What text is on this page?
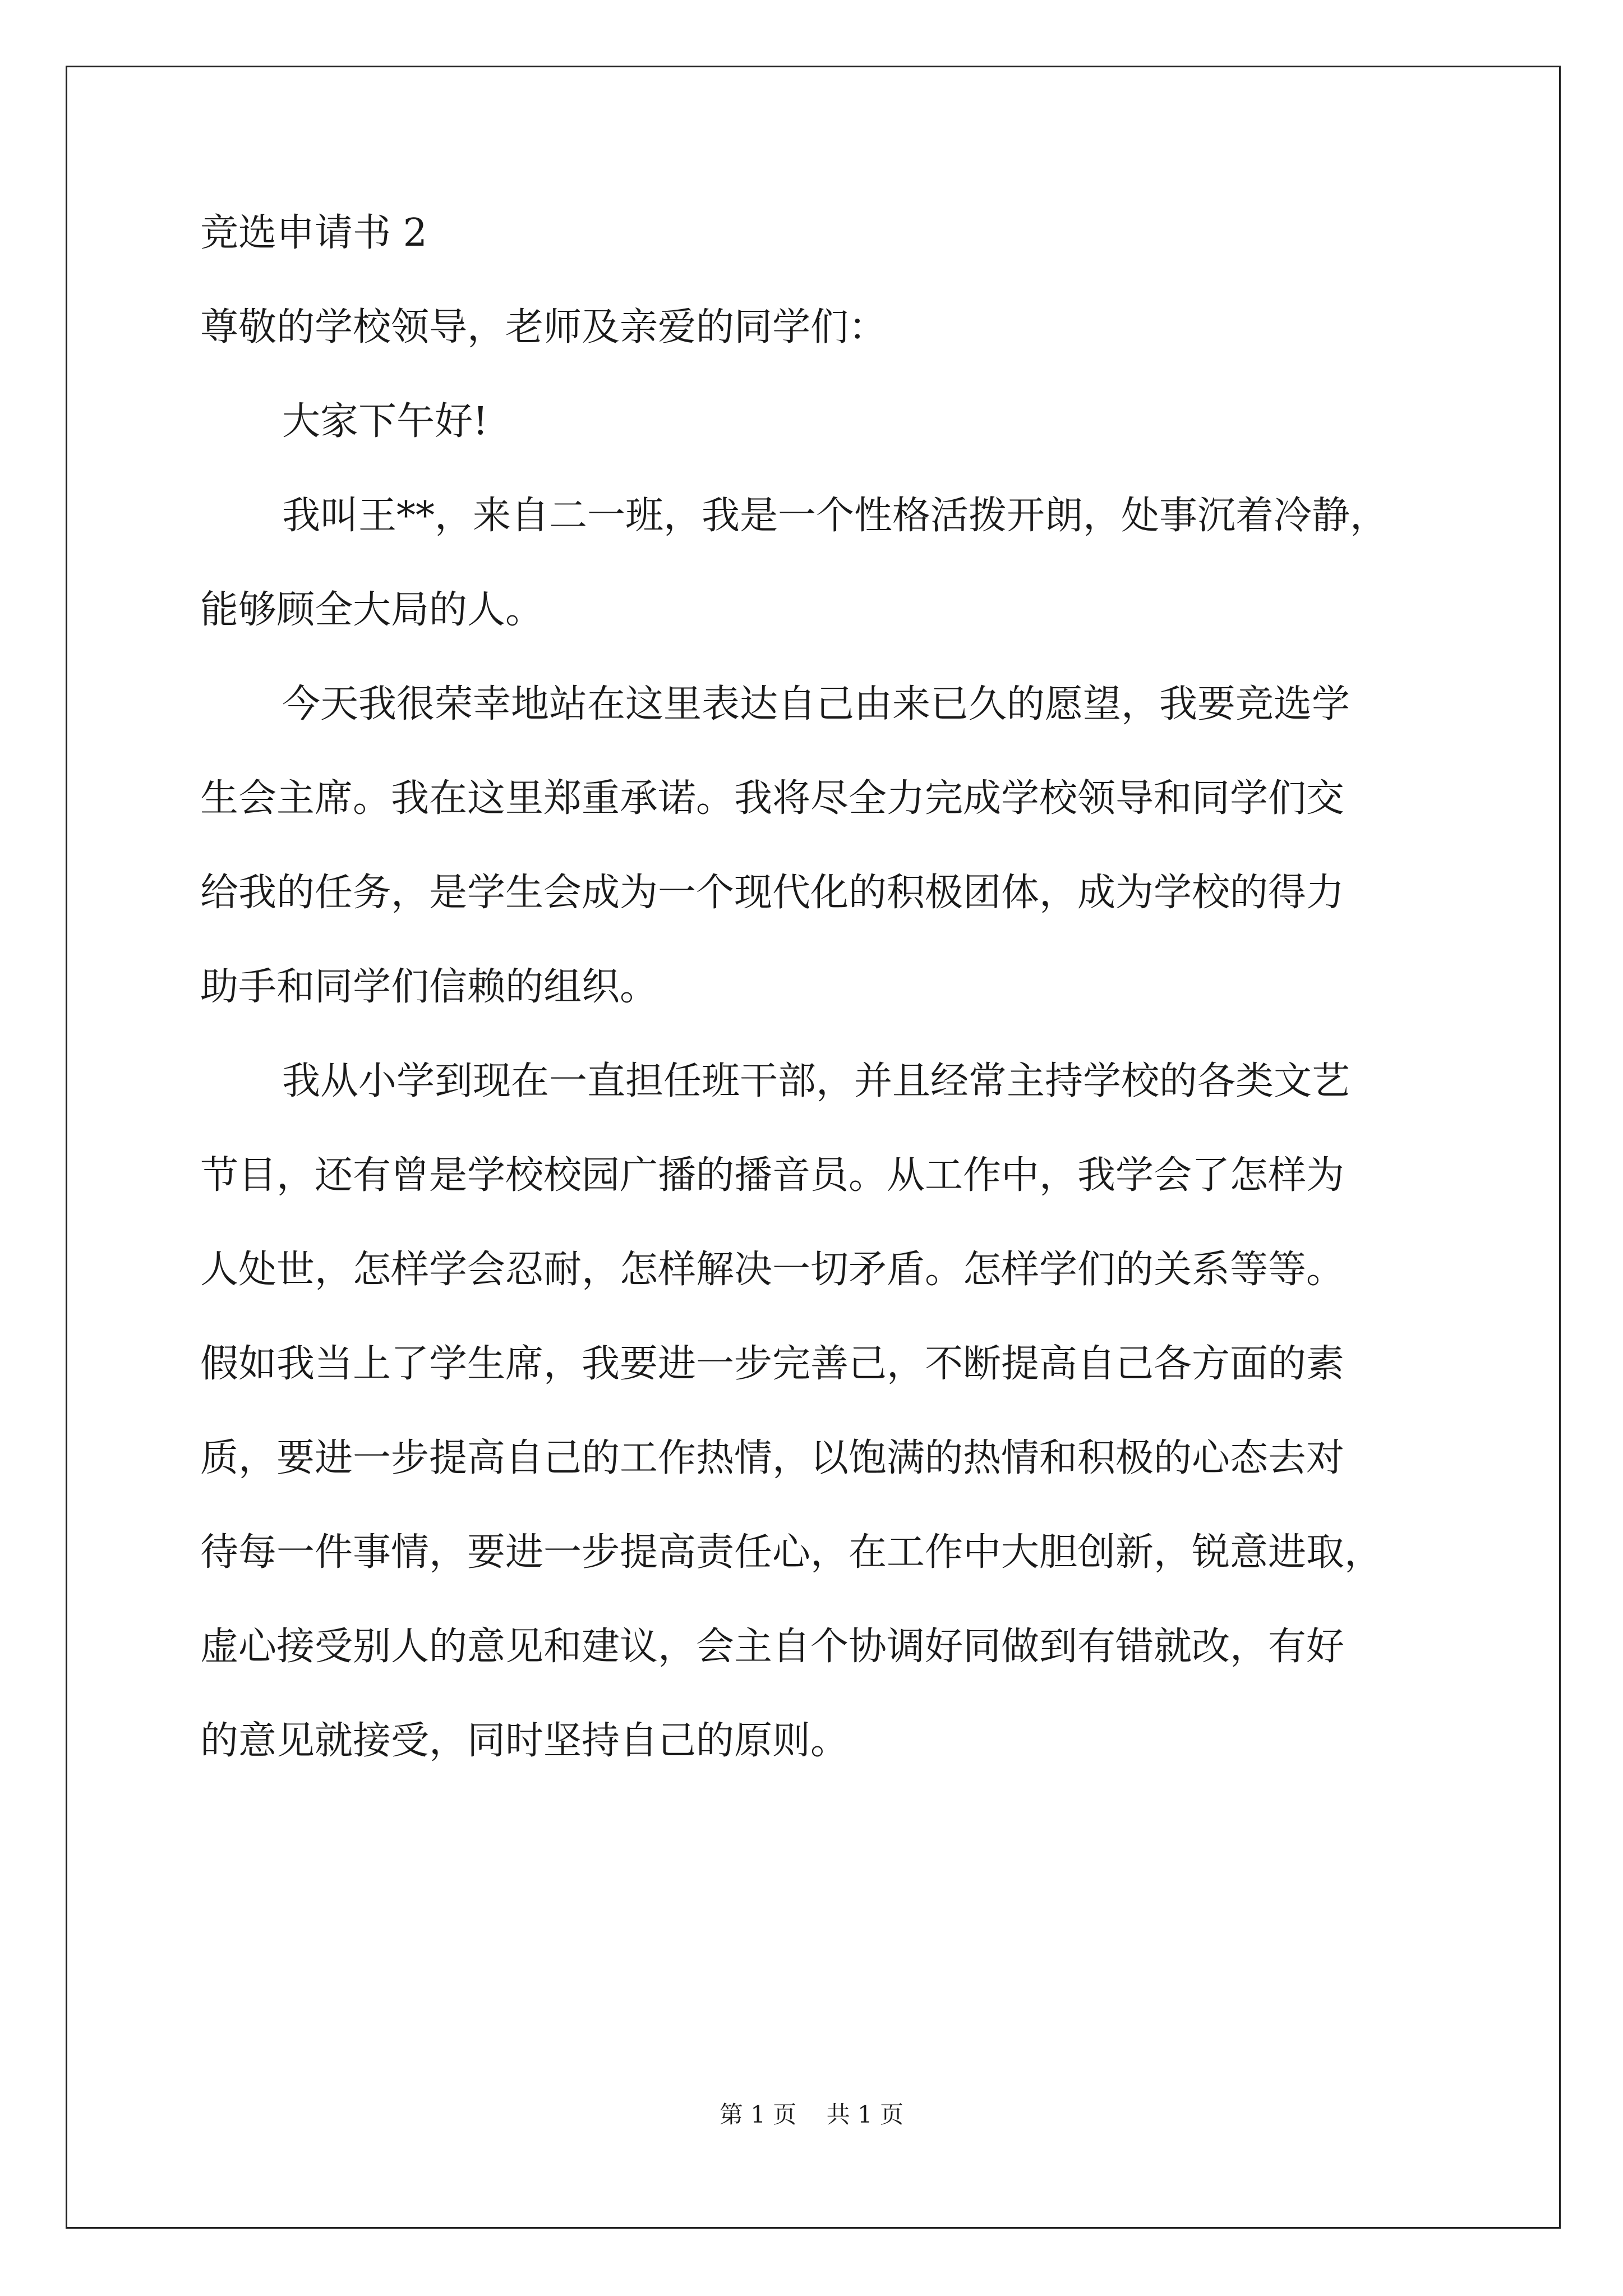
竞选申请书 2
尊敬的学校领导，老师及亲爱的同学们：
大家下午好!
我叫王**，来自二一班，我是一个性格活拨开朗，处事沉着冷静，
能够顾全大局的人。
今天我很荣幸地站在这里表达自己由来已久的愿望，我要竞选学
生会主席。我在这里郑重承诺。我将尽全力完成学校领导和同学们交
给我的任务，是学生会成为一个现代化的积极团体，成为学校的得力
助手和同学们信赖的组织。
我从小学到现在一直担任班干部，并且经常主持学校的各类文艺
节目，还有曾是学校校园广播的播音员。从工作中，我学会了怎样为
人处世，怎样学会忍耐，怎样解决一切矛盾。怎样学们的关系等等。
假如我当上了学生席，我要进一步完善己，不断提高自己各方面的素
质，要进一步提高自己的工作热情，以饱满的热情和积极的心态去对
待每一件事情，要进一步提高责任心，在工作中大胆创新，锐意进取，
虚心接受别人的意见和建议，会主自个协调好同做到有错就改，有好
的意见就接受，同时坚持自己的原则。
第 1 页    共 1 页
